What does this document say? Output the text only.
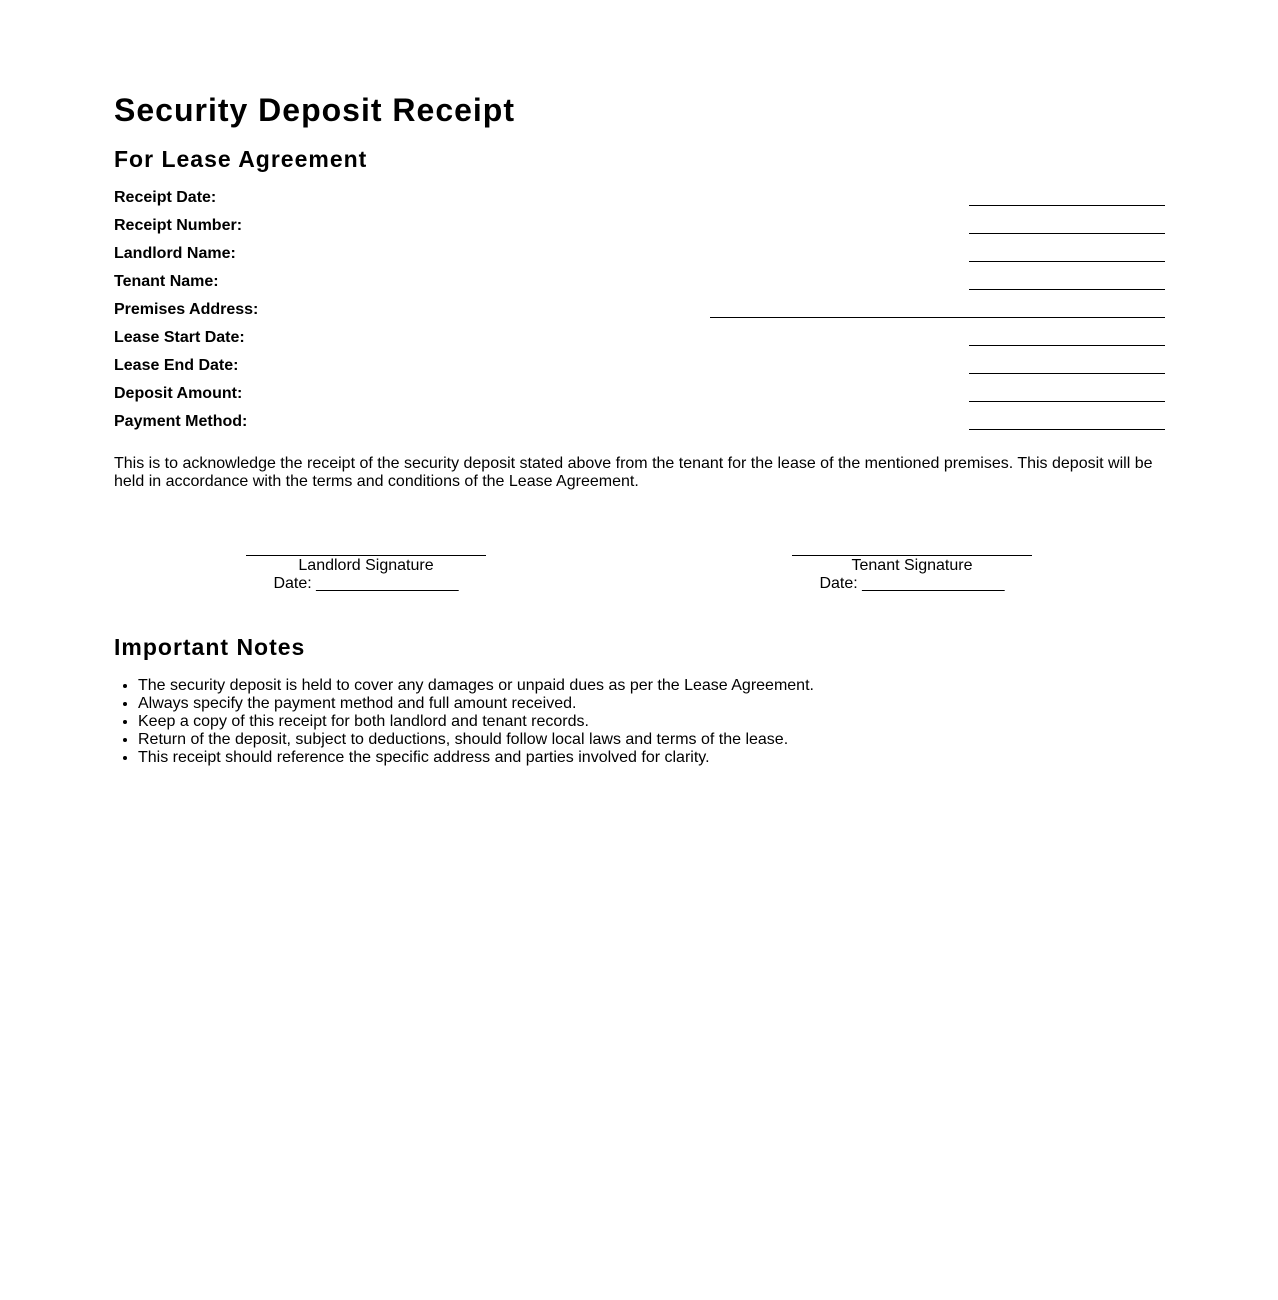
Security Deposit Receipt
For Lease Agreement
Receipt Date:
Receipt Number:
Landlord Name:
Tenant Name:
Premises Address:
Lease Start Date:
Lease End Date:
Deposit Amount:
Payment Method:

This is to acknowledge the receipt of the security deposit stated above from the tenant for the lease of the mentioned premises. This deposit will be held in accordance with the terms and conditions of the Lease Agreement.

Landlord Signature
Date: ________________
Tenant Signature
Date: ________________
Important Notes
• The security deposit is held to cover any damages or unpaid dues as per the Lease Agreement.
• Always specify the payment method and full amount received.
• Keep a copy of this receipt for both landlord and tenant records.
• Return of the deposit, subject to deductions, should follow local laws and terms of the lease.
• This receipt should reference the specific address and parties involved for clarity.
